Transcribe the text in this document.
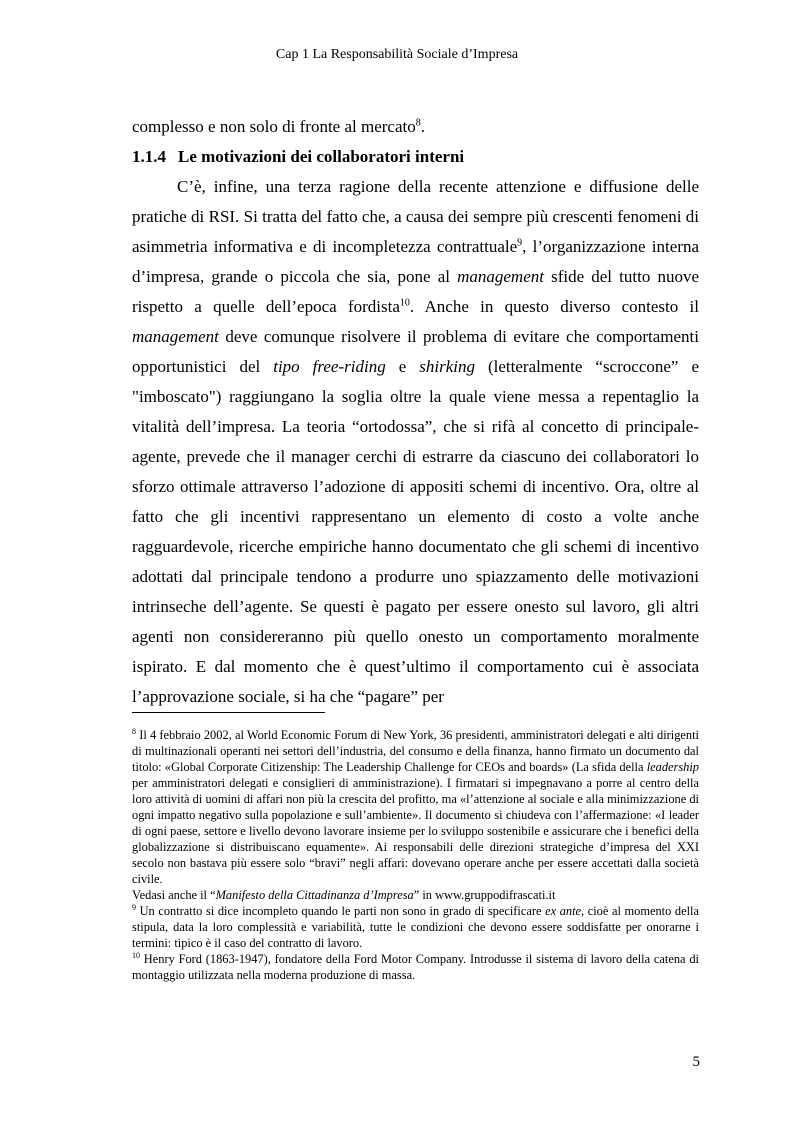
Cap 1 La Responsabilità Sociale d’Impresa

complesso e non solo di fronte al mercato$^8$.

1.1.4 Le motivazioni dei collaboratori interni

C’è, infine, una terza ragione della recente attenzione e diffusione delle pratiche di RSI. Si tratta del fatto che, a causa dei sempre più crescenti fenomeni di asimmetria informativa e di incompletezza contrattuale$^9$, l’organizzazione interna d’impresa, grande o piccola che sia, pone al management sfide del tutto nuove rispetto a quelle dell’epoca fordista$^{10}$. Anche in questo diverso contesto il management deve comunque risolvere il problema di evitare che comportamenti opportunistici del tipo free-riding e shirking (letteralmente “scroccone” e "imboscato") raggiungano la soglia oltre la quale viene messa a repentaglio la vitalità dell’impresa. La teoria “ortodossa”, che si rifà al concetto di principale-agente, prevede che il manager cerchi di estrarre da ciascuno dei collaboratori lo sforzo ottimale attraverso l’adozione di appositi schemi di incentivo. Ora, oltre al fatto che gli incentivi rappresentano un elemento di costo a volte anche ragguardevole, ricerche empiriche hanno documentato che gli schemi di incentivo adottati dal principale tendono a produrre uno spiazzamento delle motivazioni intrinseche dell’agente. Se questi è pagato per essere onesto sul lavoro, gli altri agenti non considereranno più quello onesto un comportamento moralmente ispirato. E dal momento che è quest’ultimo il comportamento cui è associata l’approvazione sociale, si ha che “pagare” per

$^8$ Il 4 febbraio 2002, al World Economic Forum di New York, 36 presidenti, amministratori delegati e alti dirigenti di multinazionali operanti nei settori dell’industria, del consumo e della finanza, hanno firmato un documento dal titolo: «Global Corporate Citizenship: The Leadership Challenge for CEOs and boards» (La sfida della leadership per amministratori delegati e consiglieri di amministrazione). I firmatari si impegnavano a porre al centro della loro attività di uomini di affari non più la crescita del profitto, ma «l’attenzione al sociale e alla minimizzazione di ogni impatto negativo sulla popolazione e sull’ambiente». Il documento si chiudeva con l’affermazione: «I leader di ogni paese, settore e livello devono lavorare insieme per lo sviluppo sostenibile e assicurare che i benefici della globalizzazione si distribuiscano equamente». Ai responsabili delle direzioni strategiche d’impresa del XXI secolo non bastava più essere solo “bravi” negli affari: dovevano operare anche per essere accettati dalla società civile.

Vedasi anche il “Manifesto della Cittadinanza d’Impresa” in www.gruppodifrascati.it

$^9$ Un contratto si dice incompleto quando le parti non sono in grado di specificare ex ante, cioè al momento della stipula, data la loro complessità e variabilità, tutte le condizioni che devono essere soddisfatte per onorarne i termini: tipico è il caso del contratto di lavoro.

$^{10}$ Henry Ford (1863-1947), fondatore della Ford Motor Company. Introdusse il sistema di lavoro della catena di montaggio utilizzata nella moderna produzione di massa.

5
